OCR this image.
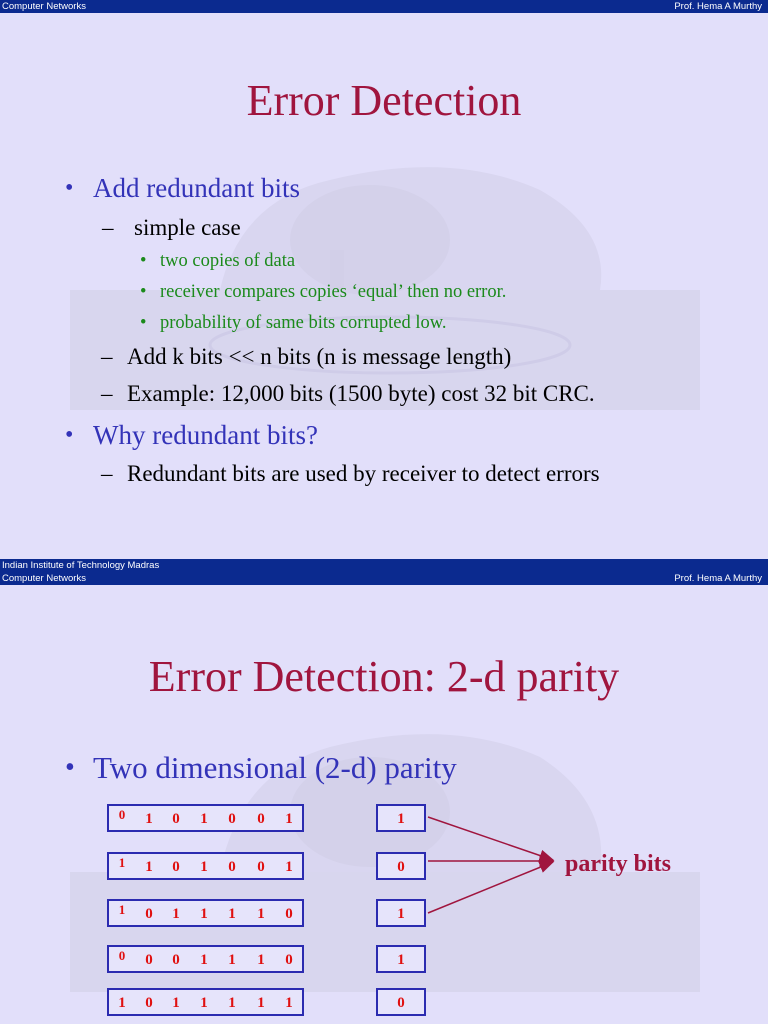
Computer Networks	Prof. Hema A Murthy
Error Detection
• Add redundant bits
– simple case
• two copies of data
• receiver compares copies ‘equal’ then no error.
• probability of same bits corrupted low.
– Add k bits << n bits (n is message length)
– Example: 12,000 bits (1500 byte) cost 32 bit CRC.
• Why redundant bits?
– Redundant bits are used by receiver to detect errors
Indian Institute of Technology Madras
Computer Networks	Prof. Hema A Murthy
Error Detection: 2-d parity
• Two dimensional (2-d) parity
0	1	0	1	0	0	1	1
1	1	0	1	0	0	1	0
1	0	1	1	1	1	0	1
0	0	0	1	1	1	0	1
1	0	1	1	1	1	1	0
parity bits
